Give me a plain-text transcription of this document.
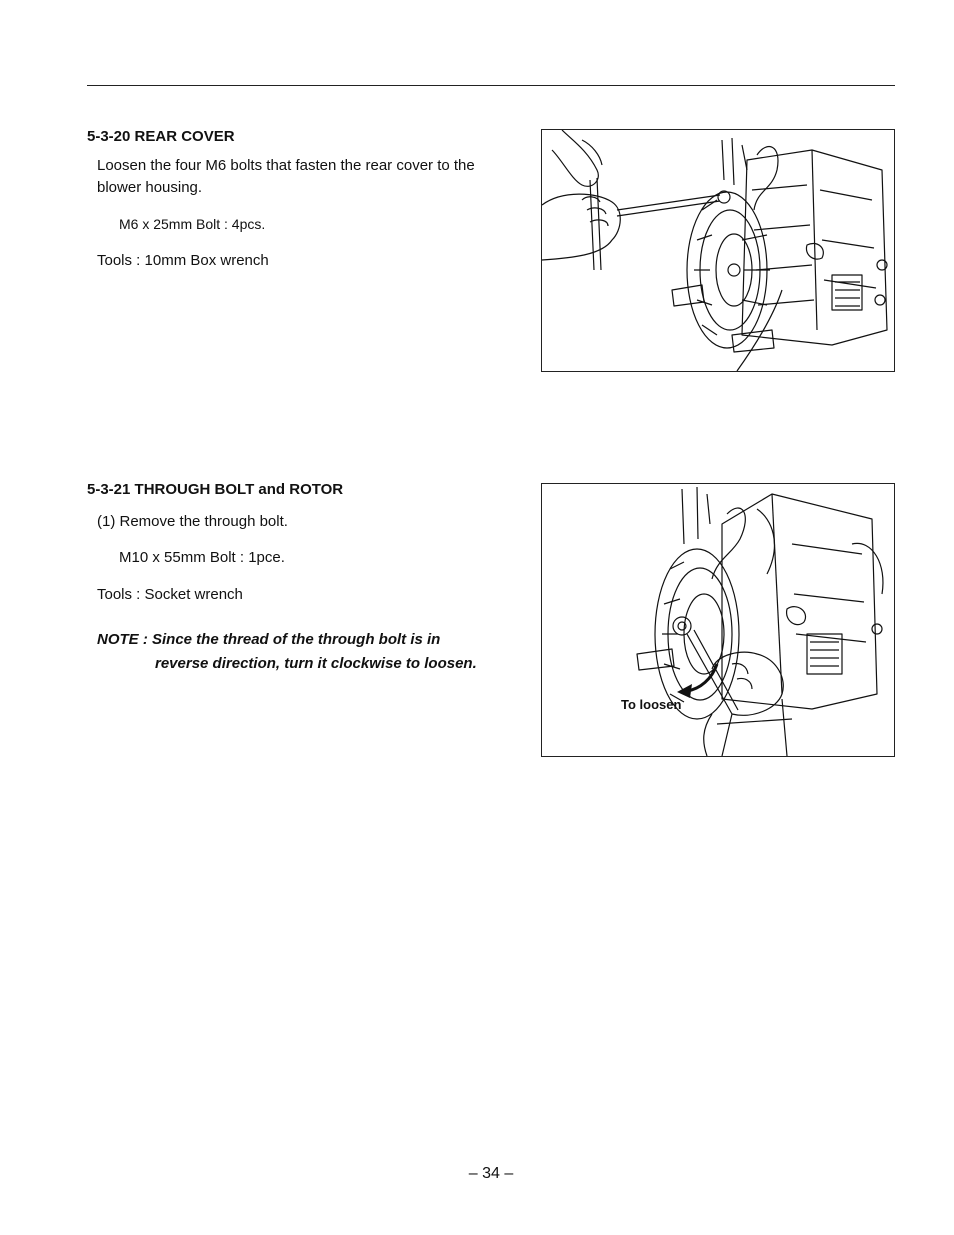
5-3-20 REAR COVER
Loosen the four M6 bolts that fasten the rear cover to the
blower housing.
M6 x 25mm Bolt : 4pcs.
Tools : 10mm Box wrench
5-3-21 THROUGH BOLT and ROTOR
(1) Remove the through bolt.
M10 x 55mm Bolt : 1pce.
Tools : Socket wrench
NOTE : Since the thread of the through bolt is in
reverse direction, turn it clockwise to loosen.
To loosen
– 34 –
